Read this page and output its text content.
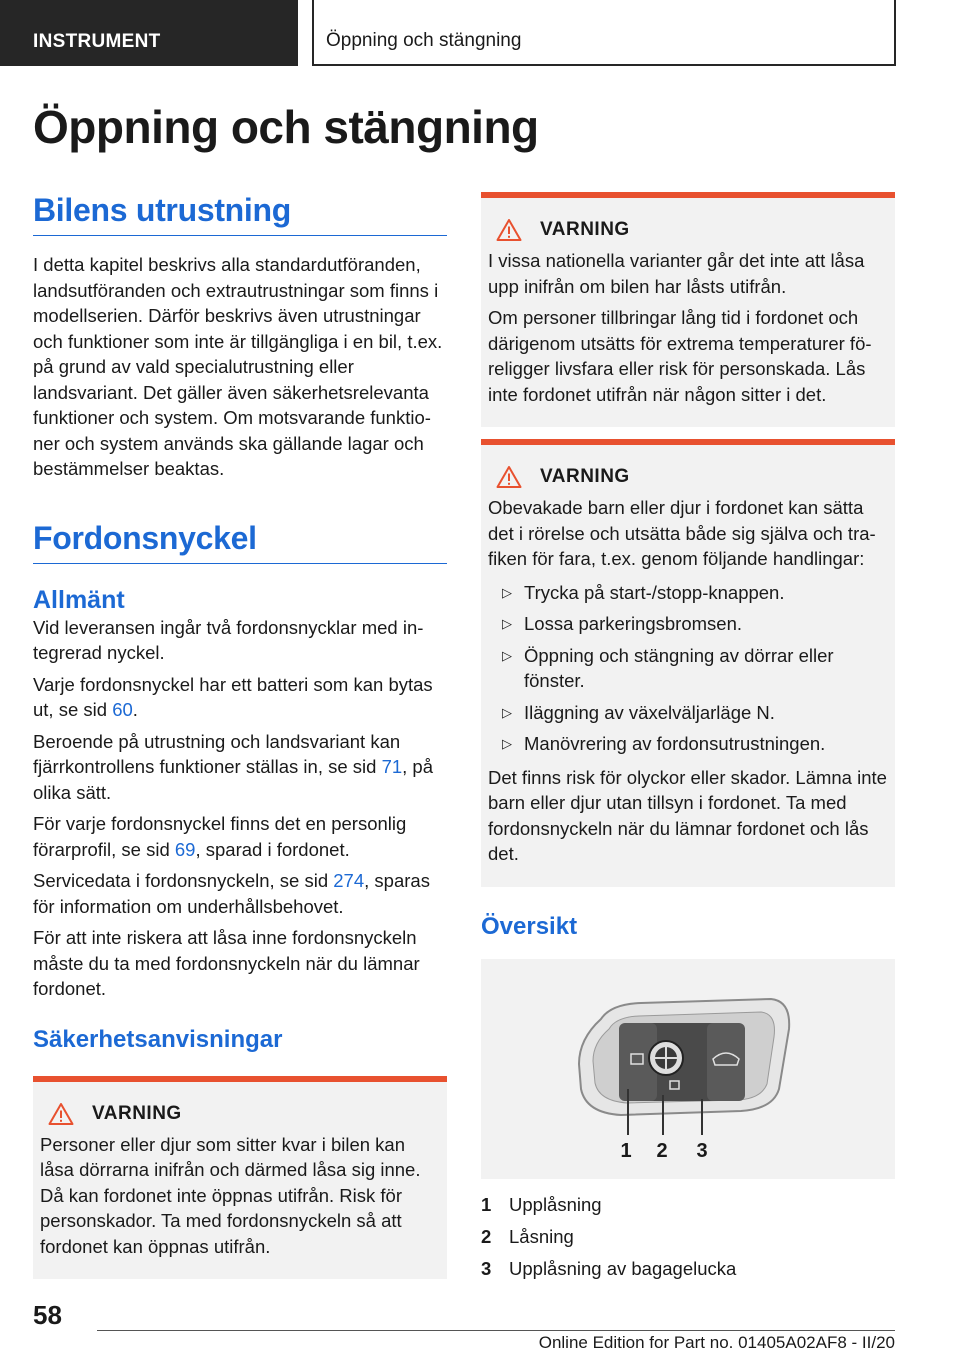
INSTRUMENT	Öppning och stängning
Öppning och stängning
Bilens utrustning

I detta kapitel beskrivs alla standardutföranden, landsutföranden och extrautrustningar som finns i modellserien. Därför beskrivs även utrustningar och funktioner som inte är tillgängliga i en bil, t.ex. på grund av vald specialutrustning eller landsvariant. Det gäller även säkerhetsrelevanta funktioner och system. Om motsvarande funktioner och system används ska gällande lagar och bestämmelser beaktas.

Fordonsnyckel
Allmänt

Vid leveransen ingår två fordonsnycklar med integrerad nyckel.

Varje fordonsnyckel har ett batteri som kan bytas ut, se sid 60.

Beroende på utrustning och landsvariant kan fjärrkontrollens funktioner ställas in, se sid 71, på olika sätt.

För varje fordonsnyckel finns det en personlig förarprofil, se sid 69, sparad i fordonet.

Servicedata i fordonsnyckeln, se sid 274, sparas för information om underhållsbehovet.

För att inte riskera att låsa inne fordonsnyckeln måste du ta med fordonsnyckeln när du lämnar fordonet.

Säkerhetsanvisningar
VARNING

Personer eller djur som sitter kvar i bilen kan låsa dörrarna inifrån och därmed låsa sig inne. Då kan fordonet inte öppnas utifrån. Risk för personskador. Ta med fordonsnyckeln så att fordonet kan öppnas utifrån.

VARNING

I vissa nationella varianter går det inte att låsa upp inifrån om bilen har låsts utifrån.

Om personer tillbringar lång tid i fordonet och därigenom utsätts för extrema temperaturer föreligger livsfara eller risk för personskada. Lås inte fordonet utifrån när någon sitter i det.

VARNING

Obevakade barn eller djur i fordonet kan sätta det i rörelse och utsätta både sig själva och trafiken för fara, t.ex. genom följande handlingar:

▷ Trycka på start-/stopp-knappen.
▷ Lossa parkeringsbromsen.
▷ Öppning och stängning av dörrar eller fönster.
▷ Iläggning av växelväljarläge N.
▷ Manövrering av fordonsutrustningen.

Det finns risk för olyckor eller skador. Lämna inte barn eller djur utan tillsyn i fordonet. Ta med fordonsnyckeln när du lämnar fordonet och lås det.

Översikt
1 2 3
1 Upplåsning
2 Låsning
3 Upplåsning av bagagelucka
58
Online Edition for Part no. 01405A02AF8 - II/20
